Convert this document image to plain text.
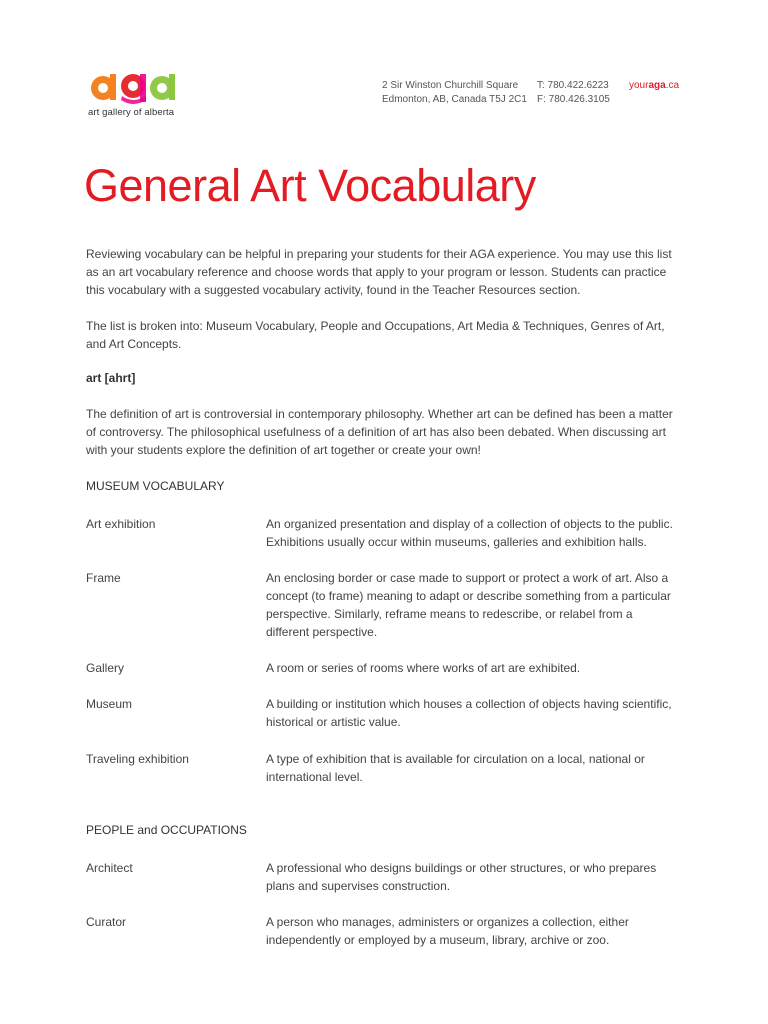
art gallery of alberta
2 Sir Winston Churchill Square
Edmonton, AB, Canada T5J 2C1
T: 780.422.6223
F: 780.426.3105
youraga.ca
General Art Vocabulary

Reviewing vocabulary can be helpful in preparing your students for their AGA experience. You may use this list as an art vocabulary reference and choose words that apply to your program or lesson. Students can practice this vocabulary with a suggested vocabulary activity, found in the Teacher Resources section.

The list is broken into: Museum Vocabulary, People and Occupations, Art Media & Techniques, Genres of Art, and Art Concepts.

art [ahrt]

The definition of art is controversial in contemporary philosophy. Whether art can be defined has been a matter of controversy. The philosophical usefulness of a definition of art has also been debated. When discussing art with your students explore the definition of art together or create your own!

MUSEUM VOCABULARY
Art exhibition	An organized presentation and display of a collection of objects to the public. Exhibitions usually occur within museums, galleries and exhibition halls.
Frame	An enclosing border or case made to support or protect a work of art. Also a concept (to frame) meaning to adapt or describe something from a particular perspective. Similarly, reframe means to redescribe, or relabel from a different perspective.
Gallery	A room or series of rooms where works of art are exhibited.
Museum	A building or institution which houses a collection of objects having scientific, historical or artistic value.
Traveling exhibition	A type of exhibition that is available for circulation on a local, national or international level.
PEOPLE and OCCUPATIONS
Architect	A professional who designs buildings or other structures, or who prepares plans and supervises construction.
Curator	A person who manages, administers or organizes a collection, either independently or employed by a museum, library, archive or zoo.
